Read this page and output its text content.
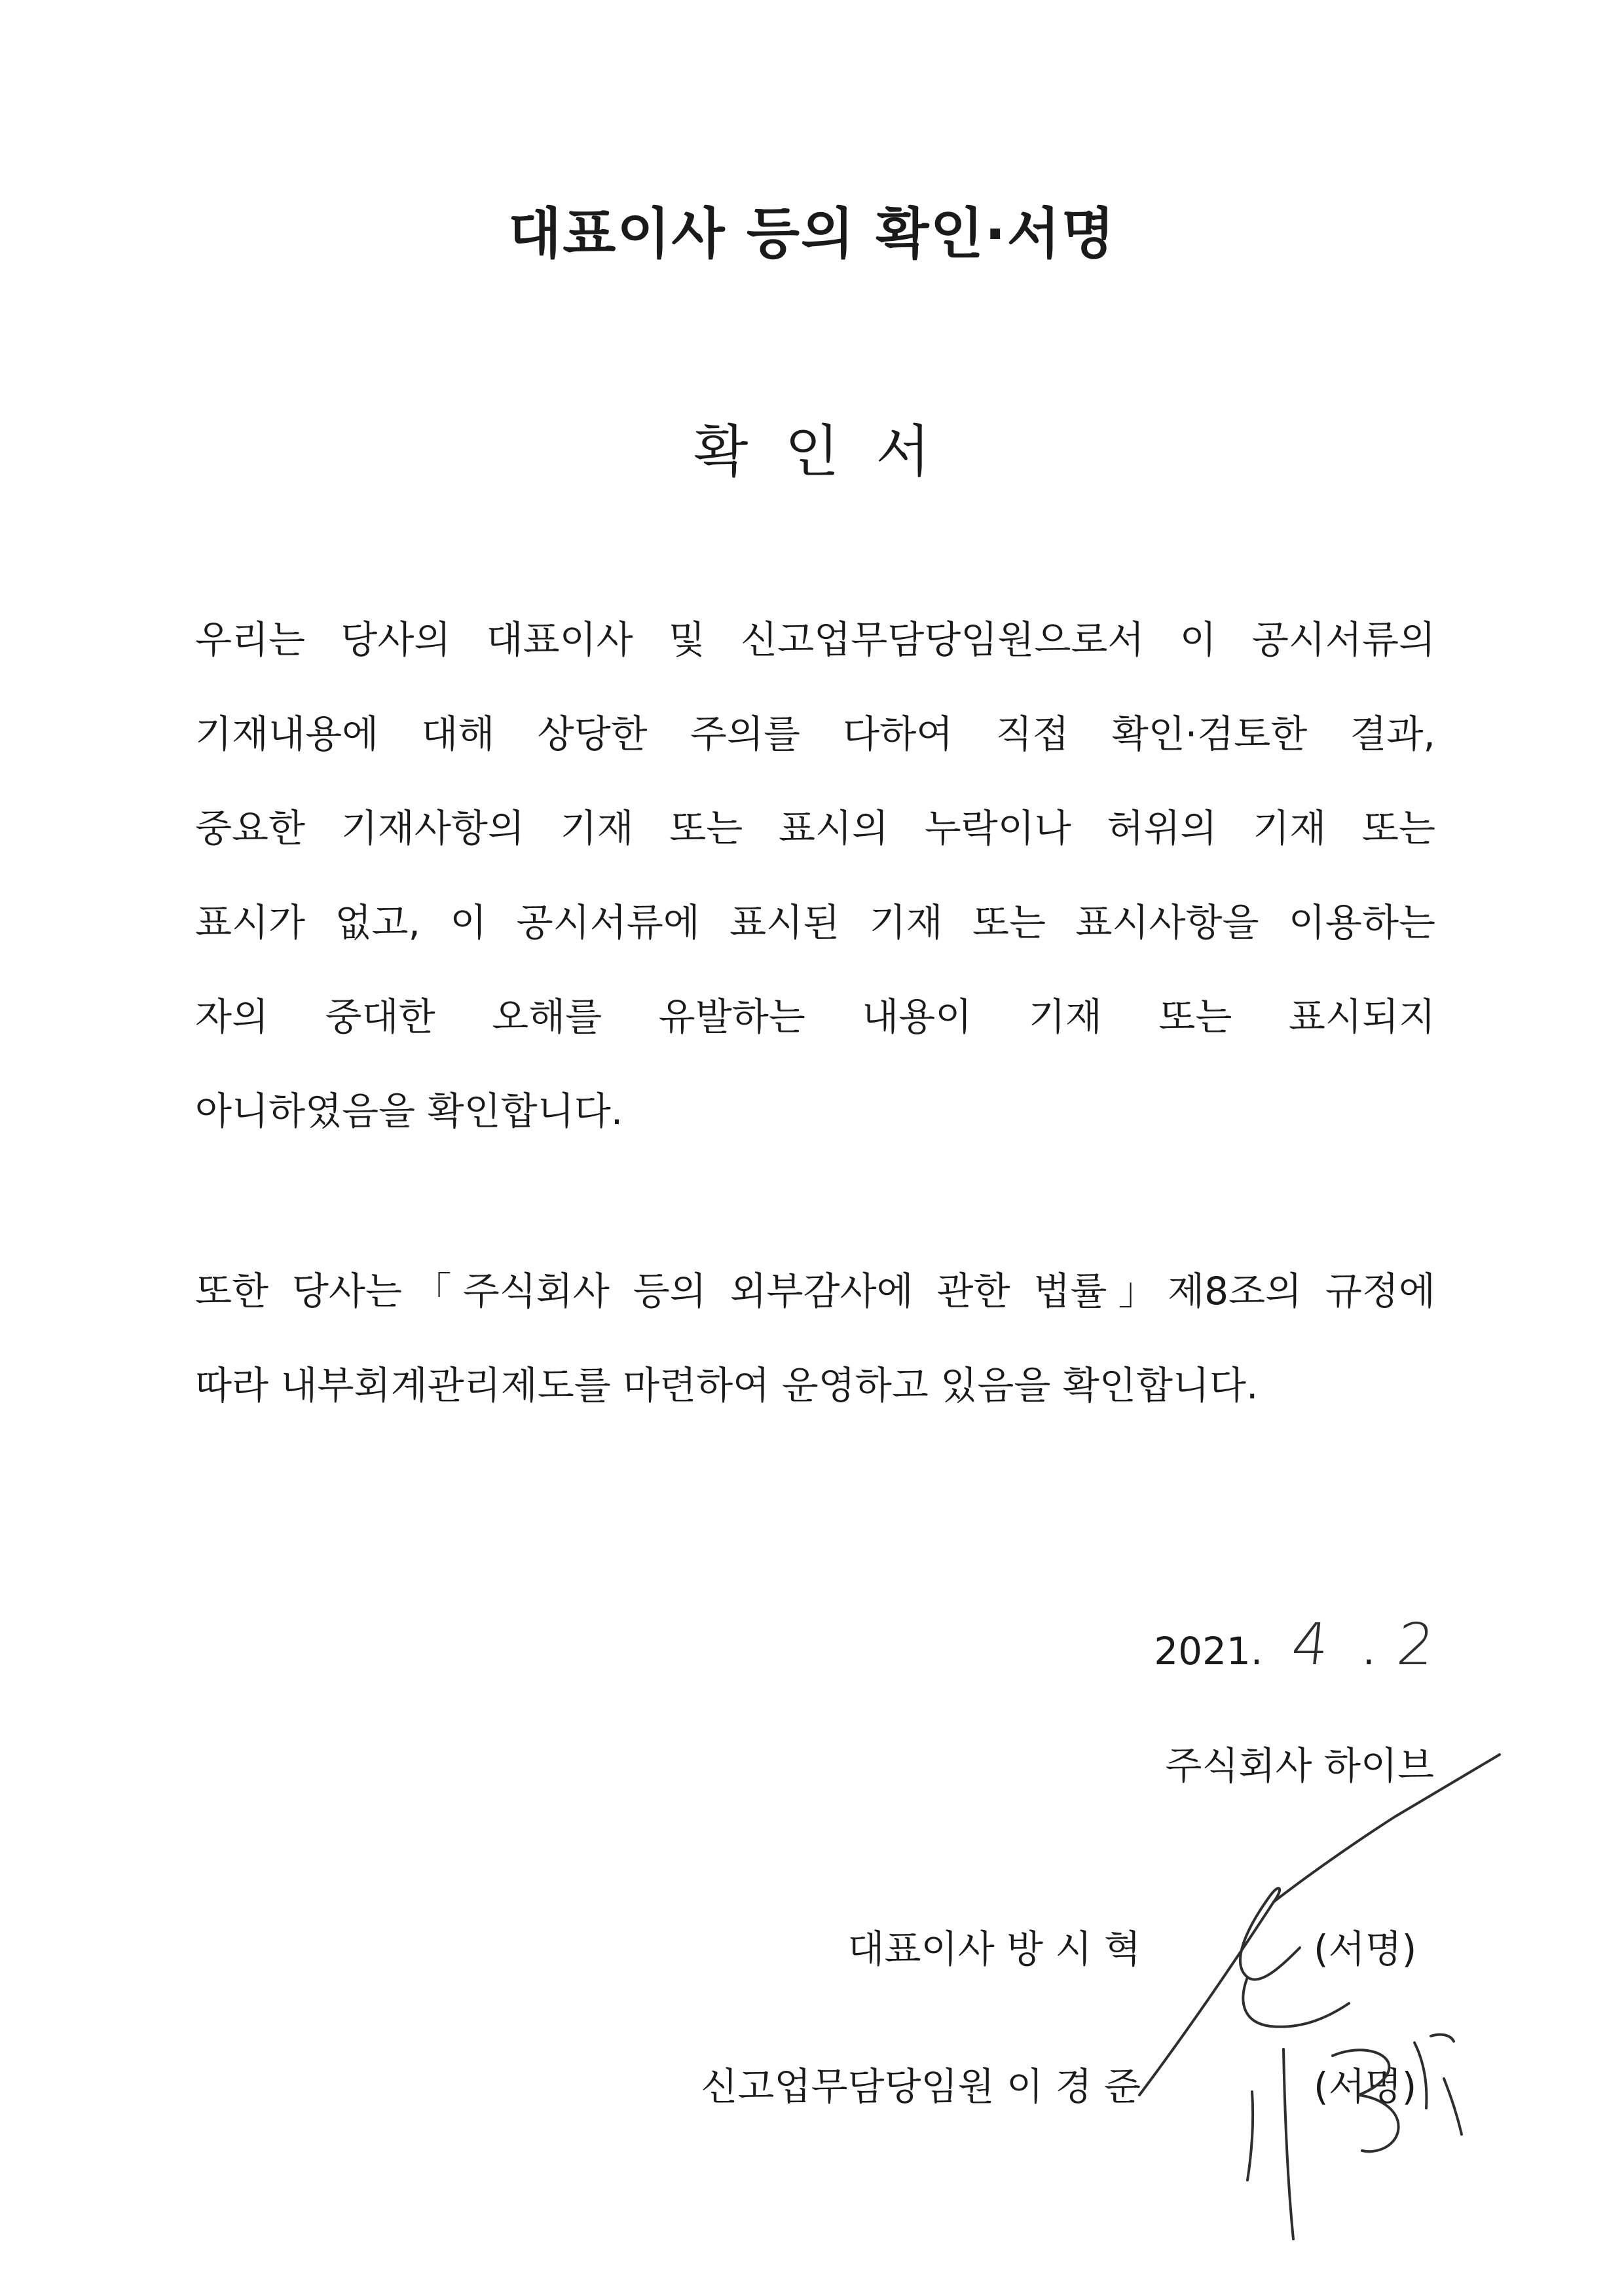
대표이사 등의 확인·서명
확인서
우리는 당사의 대표이사 및 신고업무담당임원으로서 이 공시서류의
기재내용에 대해 상당한 주의를 다하여 직접 확인·검토한 결과,
중요한 기재사항의 기재 또는 표시의 누락이나 허위의 기재 또는
표시가 없고, 이 공시서류에 표시된 기재 또는 표시사항을 이용하는
자의 중대한 오해를 유발하는 내용이 기재 또는 표시되지
아니하였음을 확인합니다.
또한 당사는「주식회사 등의 외부감사에 관한 법률」제8조의 규정에
따라 내부회계관리제도를 마련하여 운영하고 있음을 확인합니다.
2021. 4 . 2
주식회사 하이브
대표이사 방 시 혁	(서명)
신고업무담당임원 이 경 준	(서명)
